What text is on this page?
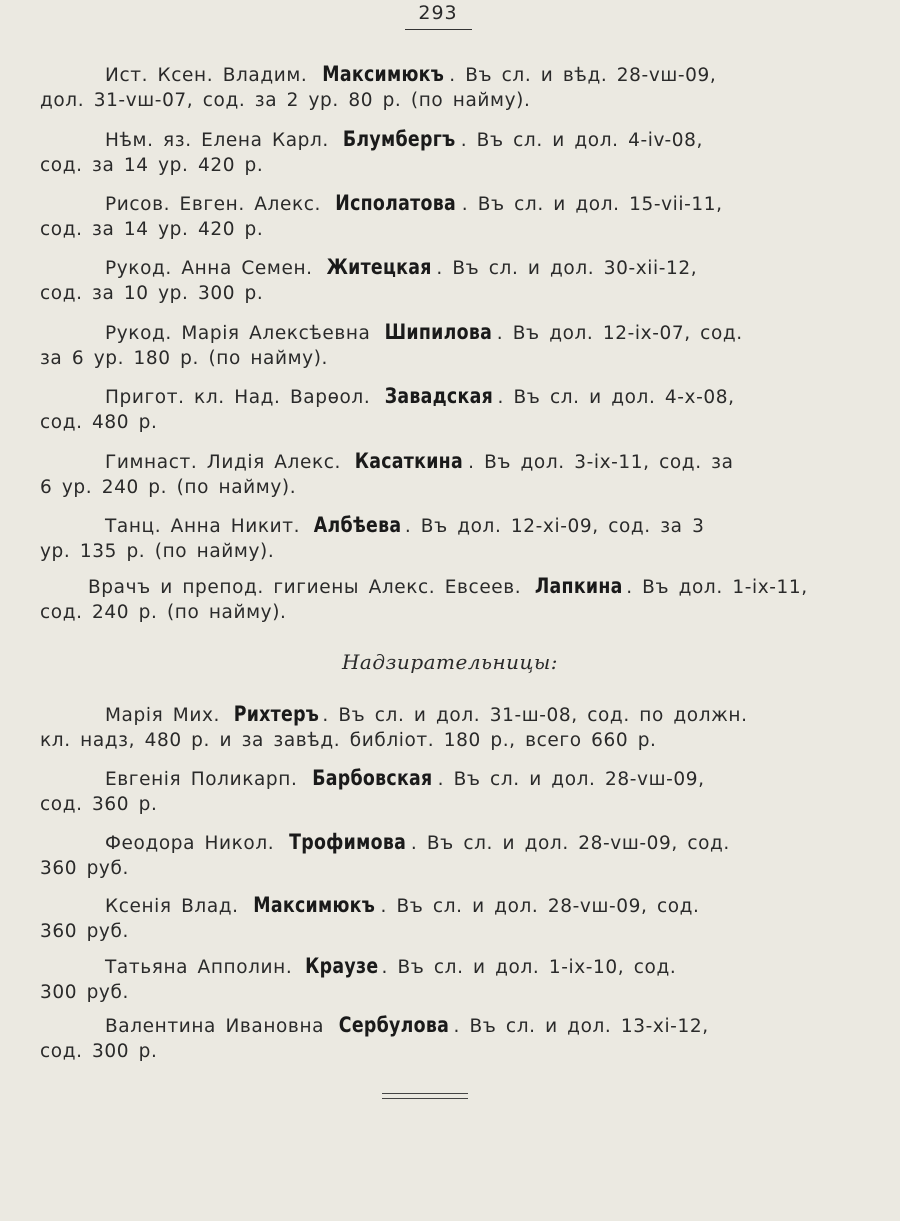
293
Ист. Ксен. Владим. Максимюкъ . Въ сл. и вѣд. 28-vш-09,
дол. 31-vш-07, сод. за 2 ур. 80 р. (по найму).
Нѣм. яз. Елена Карл. Блумбергъ . Въ сл. и дол. 4-iv-08,
сод. за 14 ур. 420 р.
Рисов. Евген. Алекс. Исполатова . Въ сл. и дол. 15-vii-11,
сод. за 14 ур. 420 р.
Рукод. Анна Семен. Житецкая . Въ сл. и дол. 30-xii-12,
сод. за 10 ур. 300 р.
Рукод. Марія Алексѣевна Шипилова . Въ дол. 12-ix-07, сод.
за 6 ур. 180 р. (по найму).
Пригот. кл. Над. Варѳол. Завадская . Въ сл. и дол. 4-x-08,
сод. 480 р.
Гимнаст. Лидія Алекс. Касаткина . Въ дол. 3-ix-11, сод. за
6 ур. 240 р. (по найму).
Танц. Анна Никит. Албѣева . Въ дол. 12-xi-09, сод. за 3
ур. 135 р. (по найму).
Врачъ и препод. гигиены Алекс. Евсеев. Лапкина . Въ дол. 1-ix-11,
сод. 240 р. (по найму).
Надзирательницы:
Марія Мих. Рихтеръ . Въ сл. и дол. 31-ш-08, сод. по должн.
кл. надз, 480 р. и за завѣд. библіот. 180 р., всего 660 р.
Евгенія Поликарп. Барбовская . Въ сл. и дол. 28-vш-09,
сод. 360 р.
Феодора Никол. Трофимова . Въ сл. и дол. 28-vш-09, сод.
360 руб.
Ксенія Влад. Максимюкъ . Въ сл. и дол. 28-vш-09, сод.
360 руб.
Татьяна Апполин. Краузе . Въ сл. и дол. 1-ix-10, сод.
300 руб.
Валентина Ивановна Сербулова . Въ сл. и дол. 13-xi-12,
сод. 300 р.
